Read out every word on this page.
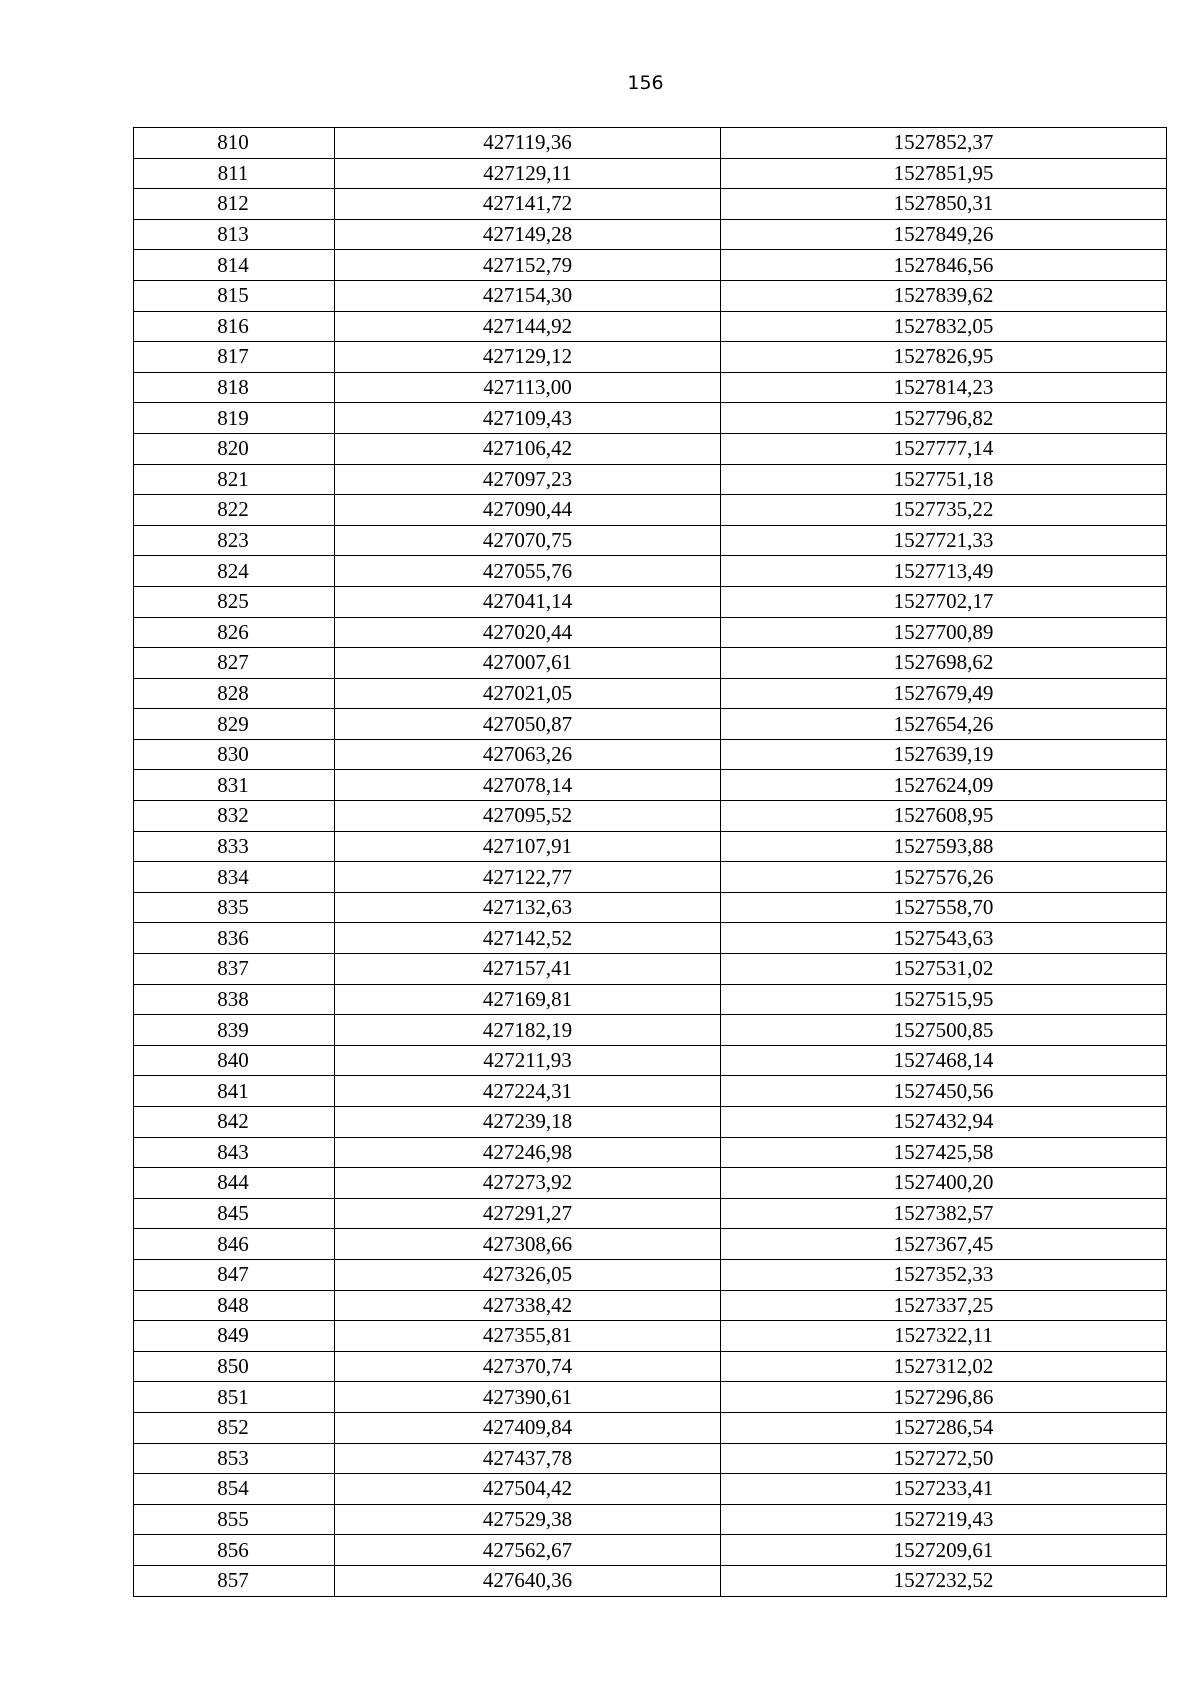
156
810	427119,36	1527852,37
811	427129,11	1527851,95
812	427141,72	1527850,31
813	427149,28	1527849,26
814	427152,79	1527846,56
815	427154,30	1527839,62
816	427144,92	1527832,05
817	427129,12	1527826,95
818	427113,00	1527814,23
819	427109,43	1527796,82
820	427106,42	1527777,14
821	427097,23	1527751,18
822	427090,44	1527735,22
823	427070,75	1527721,33
824	427055,76	1527713,49
825	427041,14	1527702,17
826	427020,44	1527700,89
827	427007,61	1527698,62
828	427021,05	1527679,49
829	427050,87	1527654,26
830	427063,26	1527639,19
831	427078,14	1527624,09
832	427095,52	1527608,95
833	427107,91	1527593,88
834	427122,77	1527576,26
835	427132,63	1527558,70
836	427142,52	1527543,63
837	427157,41	1527531,02
838	427169,81	1527515,95
839	427182,19	1527500,85
840	427211,93	1527468,14
841	427224,31	1527450,56
842	427239,18	1527432,94
843	427246,98	1527425,58
844	427273,92	1527400,20
845	427291,27	1527382,57
846	427308,66	1527367,45
847	427326,05	1527352,33
848	427338,42	1527337,25
849	427355,81	1527322,11
850	427370,74	1527312,02
851	427390,61	1527296,86
852	427409,84	1527286,54
853	427437,78	1527272,50
854	427504,42	1527233,41
855	427529,38	1527219,43
856	427562,67	1527209,61
857	427640,36	1527232,52
